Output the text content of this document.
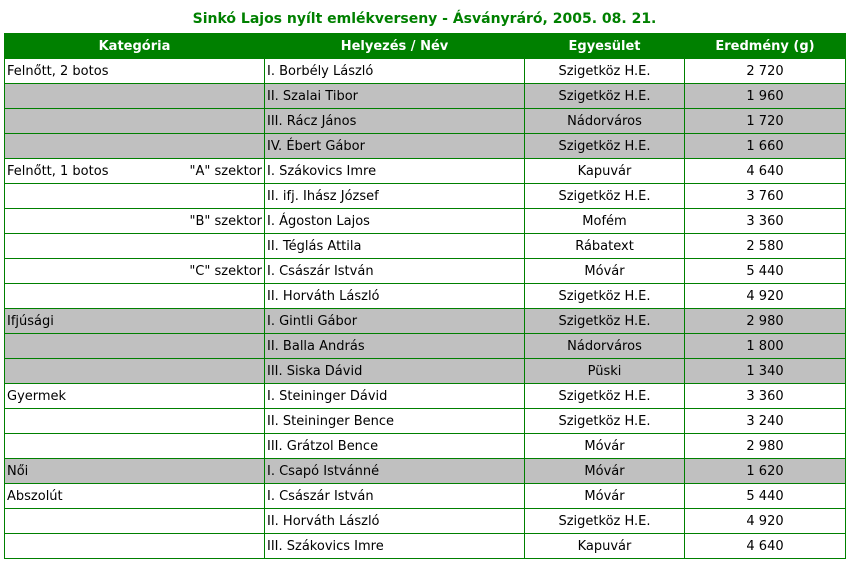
Sinkó Lajos nyílt emlékverseny - Ásványráró, 2005. 08. 21.
Kategória	Helyezés / Név	Egyesület	Eredmény (g)

Felnőtt, 2 botos	I. Borbély László	Szigetköz H.E.	2 720

	II. Szalai Tibor	Szigetköz H.E.	1 960

	III. Rácz János	Nádorváros	1 720

	IV. Ébert Gábor	Szigetköz H.E.	1 660

Felnőtt, 1 botos "A" szektor	I. Szákovics Imre	Kapuvár	4 640

	II. ifj. Ihász József	Szigetköz H.E.	3 760

"B" szektor	I. Ágoston Lajos	Mofém	3 360

	II. Téglás Attila	Rábatext	2 580

"C" szektor	I. Császár István	Móvár	5 440

	II. Horváth László	Szigetköz H.E.	4 920

Ifjúsági	I. Gintli Gábor	Szigetköz H.E.	2 980

	II. Balla András	Nádorváros	1 800

	III. Siska Dávid	Püski	1 340

Gyermek	I. Steininger Dávid	Szigetköz H.E.	3 360

	II. Steininger Bence	Szigetköz H.E.	3 240

	III. Grátzol Bence	Móvár	2 980

Női	I. Csapó Istvánné	Móvár	1 620

Abszolút	I. Császár István	Móvár	5 440

	II. Horváth László	Szigetköz H.E.	4 920

	III. Szákovics Imre	Kapuvár	4 640
